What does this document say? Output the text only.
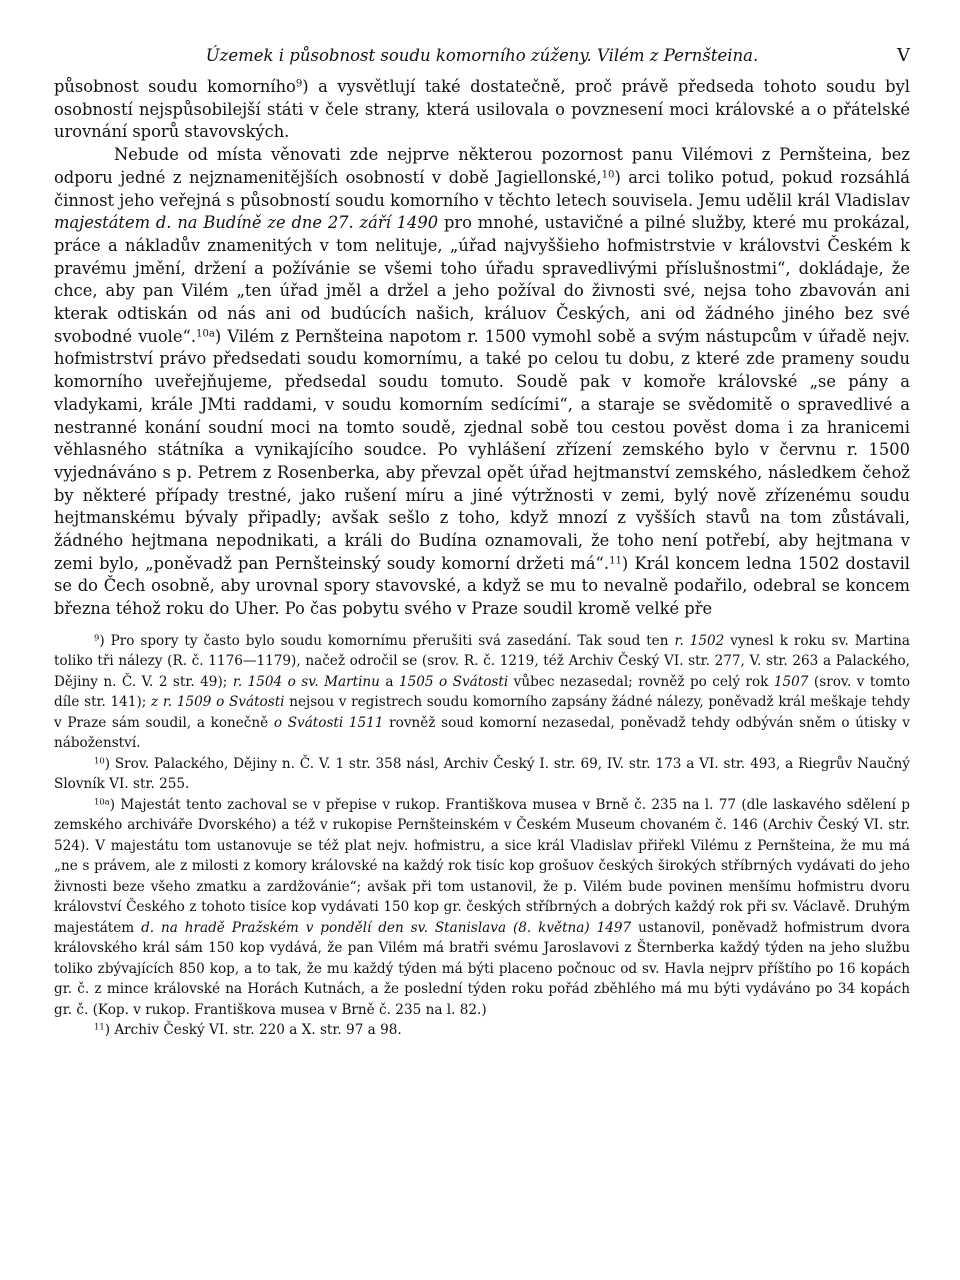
Územek i působnost soudu komorního zúženy. Vilém z Pernšteina.	V

působnost soudu komorního$^9$) a vysvětlují také dostatečně, proč právě předseda tohoto soudu byl osobností nejspůsobilejší státi v čele strany, která usilovala o povznesení moci královské a o přátelské urovnání sporů stavovských.

Nebude od místa věnovati zde nejprve některou pozornost panu Vilémovi z Pernšteina, bez odporu jedné z nejznamenitějších osobností v době Jagiellonské,$^{10}$) arci toliko potud, pokud rozsáhlá činnost jeho veřejná s působností soudu komorního v těchto letech souvisela. Jemu udělil král Vladislav majestátem d. na Budíně ze dne 27. září 1490 pro mnohé, ustavičné a pilné služby, které mu prokázal, práce a nákladův znamenitých v tom nelituje, „úřad najvyššieho hofmistrstvie v královstvi Českém k pravému jmění, držení a požívánie se všemi toho úřadu spravedlivými příslušnostmi“, dokládaje, že chce, aby pan Vilém „ten úřad jměl a držel a jeho požíval do živnosti své, nejsa toho zbavován ani kterak odtiskán od nás ani od budúcích našich, králuov Českých, ani od žádného jiného bez své svobodné vuole“.$^{10a}$) Vilém z Pernšteina napotom r. 1500 vymohl sobě a svým nástupcům v úřadě nejv. hofmistrství právo předsedati soudu komornímu, a také po celou tu dobu, z které zde prameny soudu komorního uveřejňujeme, předsedal soudu tomuto. Soudě pak v komoře královské „se pány a vladykami, krále JMti raddami, v soudu komorním sedícími“, a staraje se svědomitě o spravedlivé a nestranné konání soudní moci na tomto soudě, zjednal sobě tou cestou pověst doma i za hranicemi věhlasného státníka a vynikajícího soudce. Po vyhlášení zřízení zemského bylo v červnu r. 1500 vyjednáváno s p. Petrem z Rosenberka, aby převzal opět úřad hejtmanství zemského, následkem čehož by některé případy trestné, jako rušení míru a jiné výtržnosti v zemi, bylý nově zřízenému soudu hejtmanskému bývaly připadly; avšak sešlo z toho, když mnozí z vyšších stavů na tom zůstávali, žádného hejtmana nepodnikati, a králi do Budína oznamovali, že toho není potřebí, aby hejtmana v zemi bylo, „poněvadž pan Pernšteinský soudy komorní držeti má“.$^{11}$) Král koncem ledna 1502 dostavil se do Čech osobně, aby urovnal spory stavovské, a když se mu to nevalně podařilo, odebral se koncem března téhož roku do Uher. Po čas pobytu svého v Praze soudil kromě velké pře

$^9$) Pro spory ty často bylo soudu komornímu přerušiti svá zasedání. Tak soud ten r. 1502 vynesl k roku sv. Martina toliko tři nálezy (R. č. 1176—1179), načež odročil se (srov. R. č. 1219, též Archiv Český VI. str. 277, V. str. 263 a Palackého, Dějiny n. Č. V. 2 str. 49); r. 1504 o sv. Martinu a 1505 o Svátosti vůbec nezasedal; rovněž po celý rok 1507 (srov. v tomto díle str. 141); z r. 1509 o Svátosti nejsou v registrech soudu komorního zapsány žádné nálezy, poněvadž král meškaje tehdy v Praze sám soudil, a konečně o Svátosti 1511 rovněž soud komorní nezasedal, poněvadž tehdy odbýván sněm o útisky v náboženství.

$^{10}$) Srov. Palackého, Dějiny n. Č. V. 1 str. 358 násl, Archiv Český I. str. 69, IV. str. 173 a VI. str. 493, a Riegrův Naučný Slovník VI. str. 255.

$^{10a}$) Majestát tento zachoval se v přepise v rukop. Františkova musea v Brně č. 235 na l. 77 (dle laskavého sdělení p zemského archiváře Dvorského) a též v rukopise Pernšteinském v Českém Museum chovaném č. 146 (Archiv Český VI. str. 524). V majestátu tom ustanovuje se též plat nejv. hofmistru, a sice král Vladislav přiřekl Vilému z Pernšteina, že mu má „ne s právem, ale z milosti z komory královské na každý rok tisíc kop grošuov českých širokých stříbrných vydávati do jeho živnosti beze všeho zmatku a zardžovánie“; avšak při tom ustanovil, že p. Vilém bude povinen menšímu hofmistru dvoru království Českého z tohoto tisíce kop vydávati 150 kop gr. českých stříbrných a dobrých každý rok při sv. Václavě. Druhým majestátem d. na hradě Pražském v pondělí den sv. Stanislava (8. května) 1497 ustanovil, poněvadž hofmistrum dvora královského král sám 150 kop vydává, že pan Vilém má bratři svému Jaroslavovi z Šternberka každý týden na jeho službu toliko zbývajících 850 kop, a to tak, že mu každý týden má býti placeno počnouc od sv. Havla nejprv příštího po 16 kopách gr. č. z mince královské na Horách Kutnách, a že poslední týden roku pořád zběhlého má mu býti vydáváno po 34 kopách gr. č. (Kop. v rukop. Františkova musea v Brně č. 235 na l. 82.)

$^{11}$) Archiv Český VI. str. 220 a X. str. 97 a 98.
